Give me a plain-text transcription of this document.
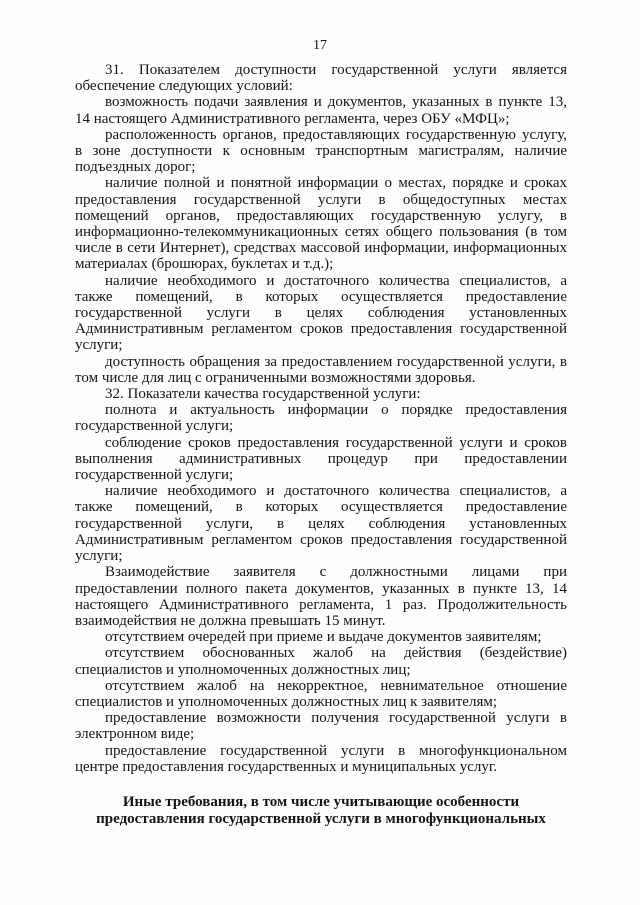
17

31. Показателем доступности государственной услуги является обеспечение следующих условий:

возможность подачи заявления и документов, указанных в пункте 13, 14 настоящего Административного регламента, через ОБУ «МФЦ»;

расположенность органов, предоставляющих государственную услугу, в зоне доступности к основным транспортным магистралям, наличие подъездных дорог;

наличие полной и понятной информации о местах, порядке и сроках предоставления государственной услуги в общедоступных местах помещений органов, предоставляющих государственную услугу, в информационно-телекоммуникационных сетях общего пользования (в том числе в сети Интернет), средствах массовой информации, информационных материалах (брошюрах, буклетах и т.д.);

наличие необходимого и достаточного количества специалистов, а также помещений, в которых осуществляется предоставление государственной услуги в целях соблюдения установленных Административным регламентом сроков предоставления государственной услуги;

доступность обращения за предоставлением государственной услуги, в том числе для лиц с ограниченными возможностями здоровья.

32. Показатели качества государственной услуги:

полнота и актуальность информации о порядке предоставления государственной услуги;

соблюдение сроков предоставления государственной услуги и сроков выполнения административных процедур при предоставлении государственной услуги;

наличие необходимого и достаточного количества специалистов, а также помещений, в которых осуществляется предоставление государственной услуги, в целях соблюдения установленных Административным регламентом сроков предоставления государственной услуги;

Взаимодействие заявителя с должностными лицами при предоставлении полного пакета документов, указанных в пункте 13, 14 настоящего Административного регламента, 1 раз. Продолжительность взаимодействия не должна превышать 15 минут.

отсутствием очередей при приеме и выдаче документов заявителям;

отсутствием обоснованных жалоб на действия (бездействие) специалистов и уполномоченных должностных лиц;

отсутствием жалоб на некорректное, невнимательное отношение специалистов и уполномоченных должностных лиц к заявителям;

предоставление возможности получения государственной услуги в электронном виде;

предоставление государственной услуги в многофункциональном центре предоставления государственных и муниципальных услуг.

Иные требования, в том числе учитывающие особенности
предоставления государственной услуги в многофункциональных
